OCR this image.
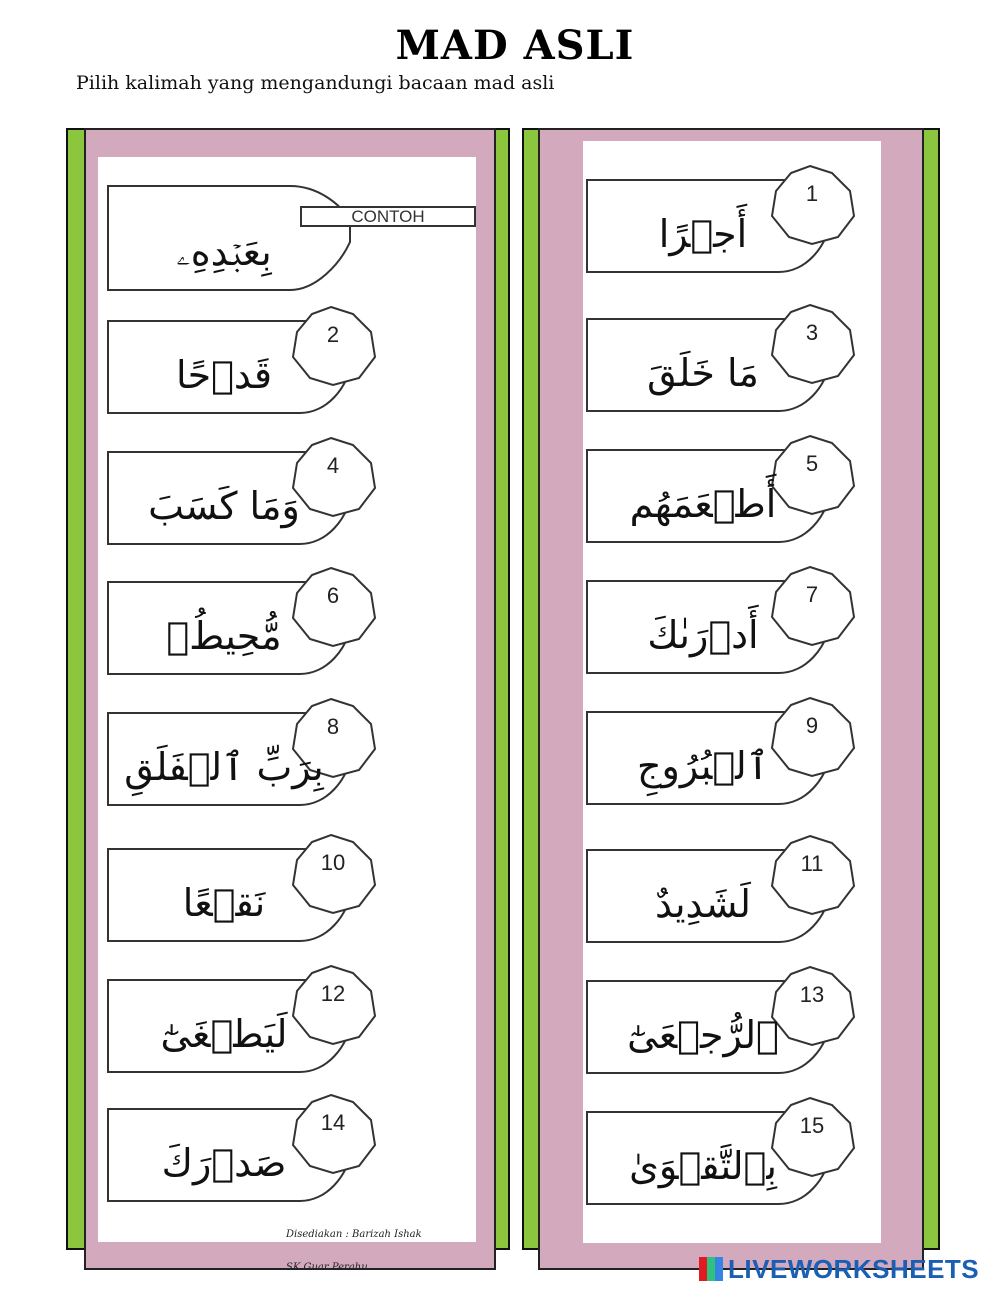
MAD ASLI
Pilih kalimah yang mengandungi bacaan mad asli
CONTOH
بِعَبۡدِهِۦ
2
قَدۡحًا
4
وَمَا كَسَبَ
6
مُّحِيطُۢ
8
بِرَبِّ ٱلۡفَلَقِ
10
نَقۡعًا
12
لَيَطۡغَىٰٓ
14
صَدۡرَكَ
1
أَجۡرًا
3
مَا خَلَقَ
5
أَطۡعَمَهُم
7
أَدۡرَىٰكَ
9
ٱلۡبُرُوجِ
11
لَشَدِيدٌ
13
ٱلرُّجۡعَىٰٓ
15
بِٱلتَّقۡوَىٰ
Disediakan : Barizah Ishak
SK Guar Perahu	LIVEWORKSHEETS
